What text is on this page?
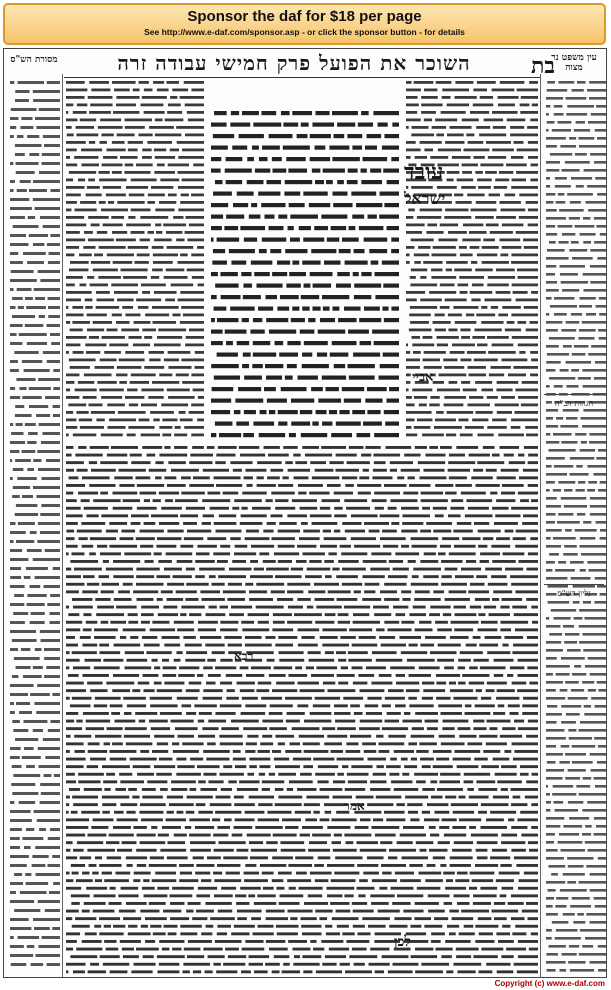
Sponsor the daf for $18 per page
See http://www.e-daf.com/sponsor.asp - or click the sponsor button - for details
השוכר את הפועל פרק חמישי עבודה זרה
מסורת הש"ס	עין משפט נר מצוה
בת
עובד
ישראל
אביי
רבא
אמר
לכן
הגהות הב"ח
גליון הש"ס
Copyright (c) www.e-daf.com
